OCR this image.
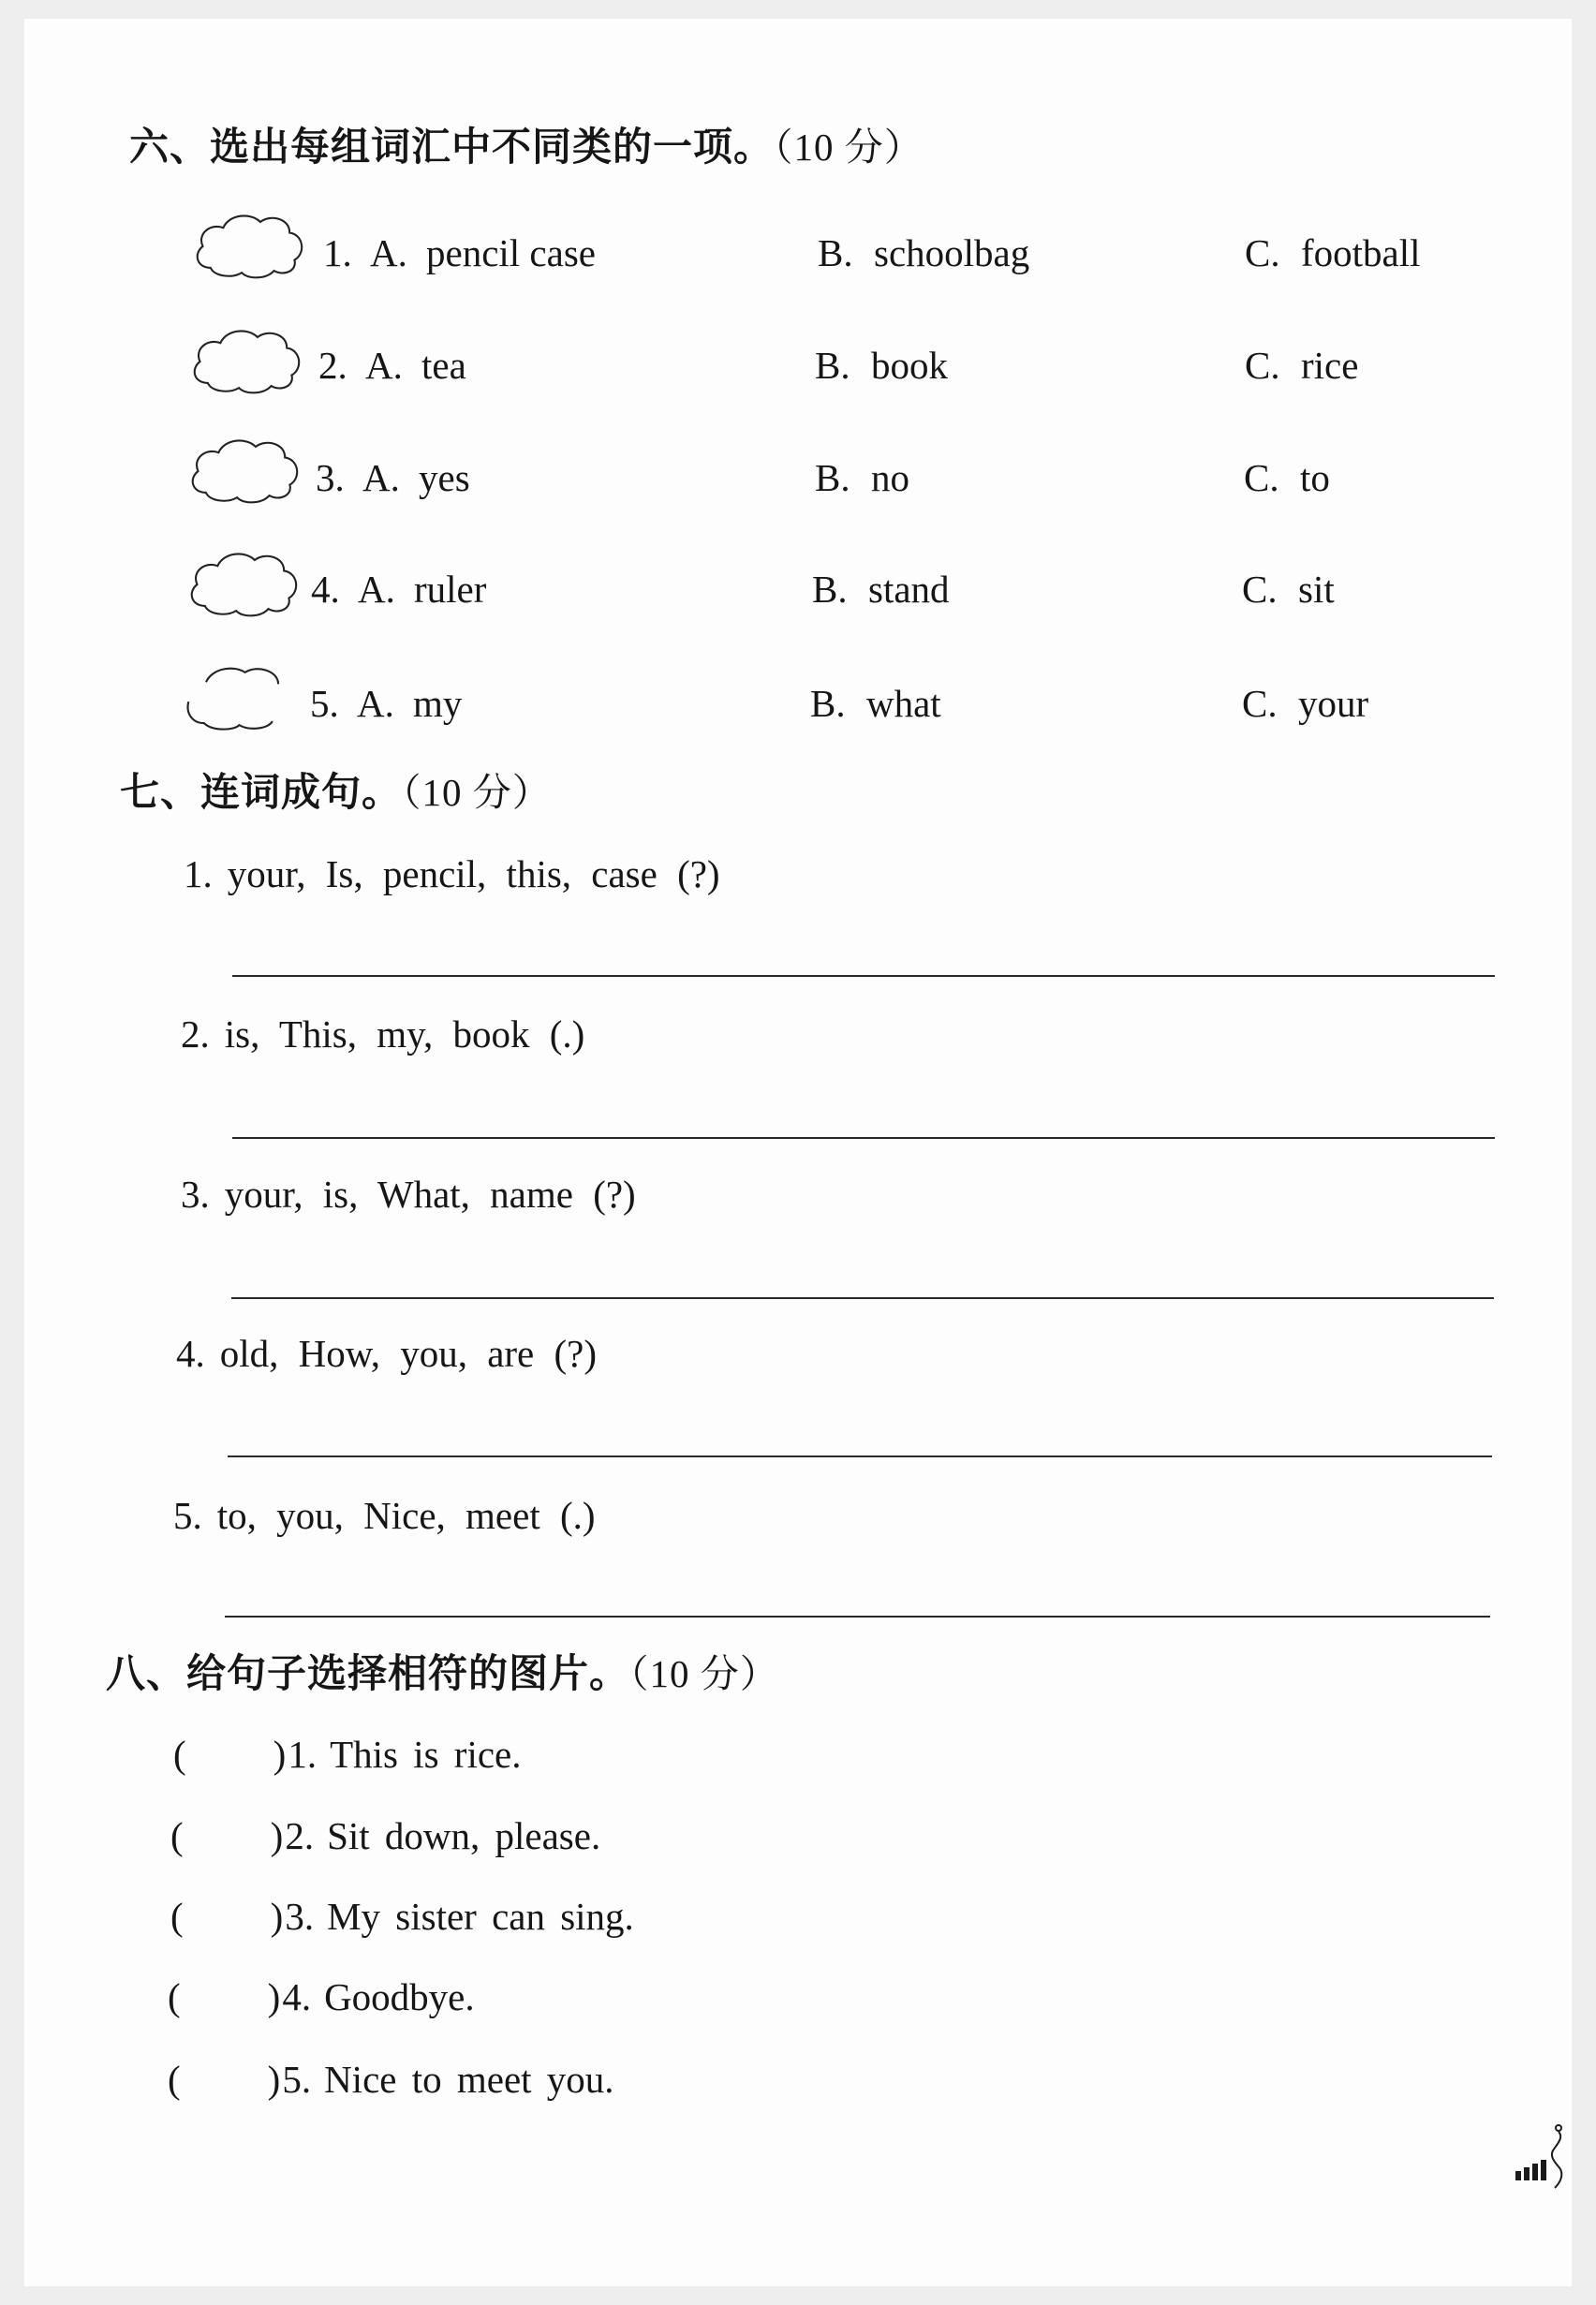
六、选出每组词汇中不同类的一项。（10 分）
1. A. pencil case	B. schoolbag	C. football
2. A. tea	B. book	C. rice
3. A. yes	B. no	C. to
4. A. ruler	B. stand	C. sit
5. A. my	B. what	C. your
七、连词成句。（10 分）
1. your, Is, pencil, this, case (?)
2. is, This, my, book (.)
3. your, is, What, name (?)
4. old, How, you, are (?)
5. to, you, Nice, meet (.)
八、给句子选择相符的图片。（10 分）
( )1. This is rice.
( )2. Sit down, please.
( )3. My sister can sing.
( )4. Goodbye.
( )5. Nice to meet you.
